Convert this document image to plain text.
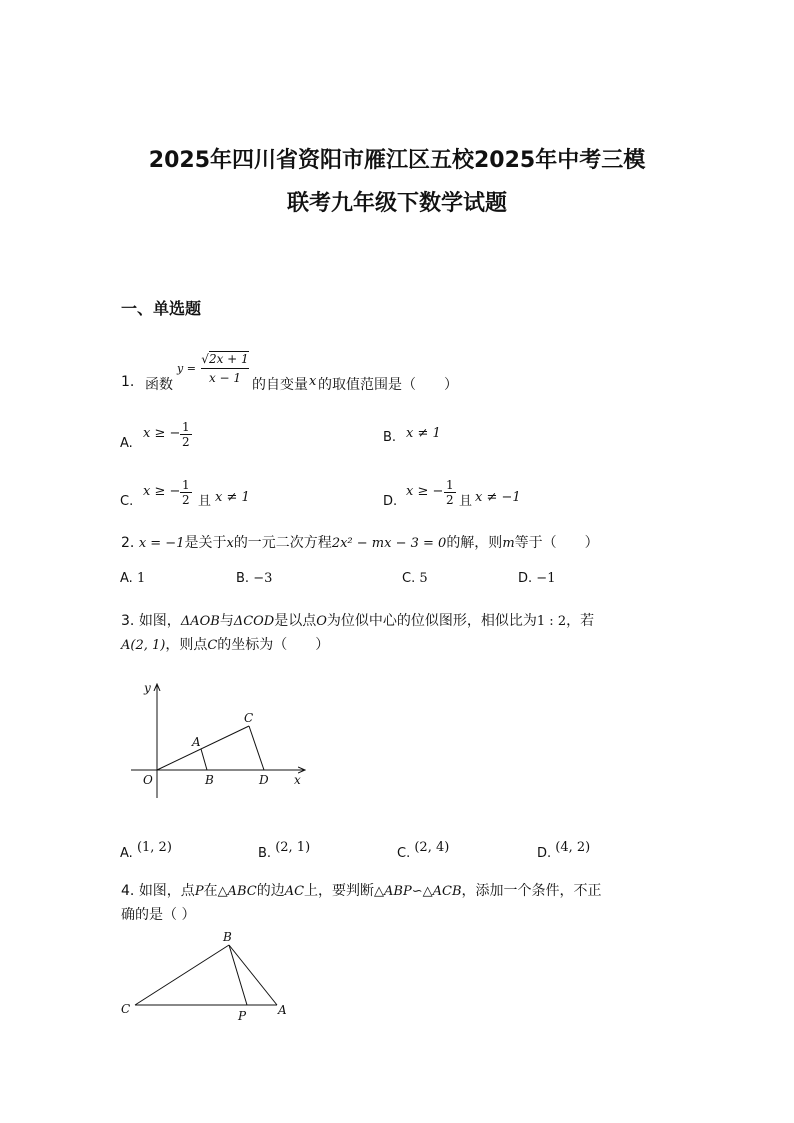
2025年四川省资阳市雁江区五校2025年中考三模
联考九年级下数学试题
一、单选题
1. 函数
y =
√2x + 1
x − 1 的自变量 x 的取值范围是（　　）
A.
x ≥ − $\frac{1}{2}$	B. x ≠ 1
C.
x ≥ − $\frac{1}{2}$ 且 x ≠ 1	D.
x ≥ − $\frac{1}{2}$ 且 x ≠ −1
2. x = −1是关于x的一元二次方程2x² − mx − 3 = 0的解，则m等于（　　）
A. 1	B. −3	C. 5	D. −1
3. 如图，ΔAOB与ΔCOD是以点O为位似中心的位似图形，相似比为1 : 2，若
A(2, 1)，则点C的坐标为（　　）
y
x
O
A
B
C
D
A. (1, 2)	B. (2, 1)	C. (2, 4)	D. (4, 2)
4. 如图，点P在△ABC的边AC上，要判断△ABP∽△ACB，添加一个条件，不正
确的是（ ）
B
C	P	A
